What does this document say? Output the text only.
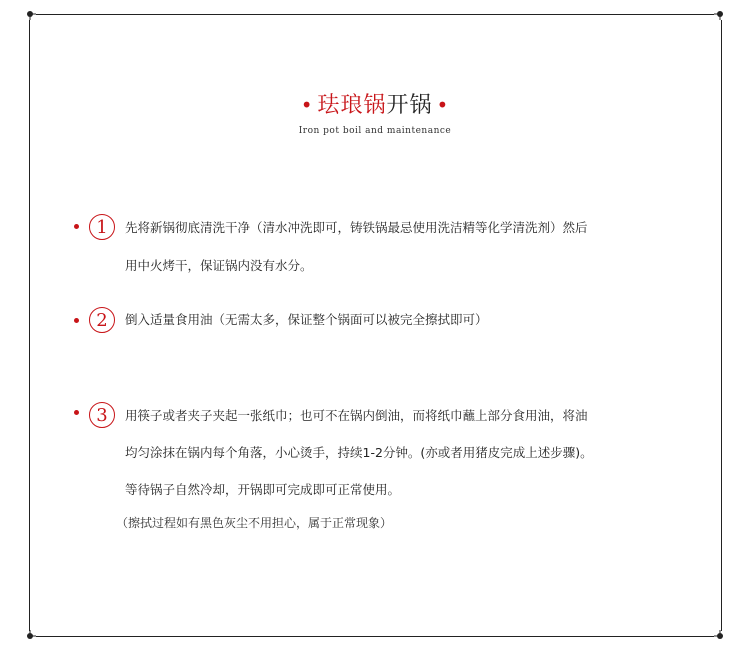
• 珐琅锅开锅 •
Iron pot boil and maintenance
1	先将新锅彻底清洗干净（清水冲洗即可，铸铁锅最忌使用洗洁精等化学清洗剂）然后
用中火烤干，保证锅内没有水分。
2	倒入适量食用油（无需太多，保证整个锅面可以被完全擦拭即可）
3	用筷子或者夹子夹起一张纸巾；也可不在锅内倒油，而将纸巾蘸上部分食用油，将油
均匀涂抹在锅内每个角落，小心烫手，持续1-2分钟。(亦或者用猪皮完成上述步骤)。
等待锅子自然冷却，开锅即可完成即可正常使用。
（擦拭过程如有黑色灰尘不用担心，属于正常现象）
